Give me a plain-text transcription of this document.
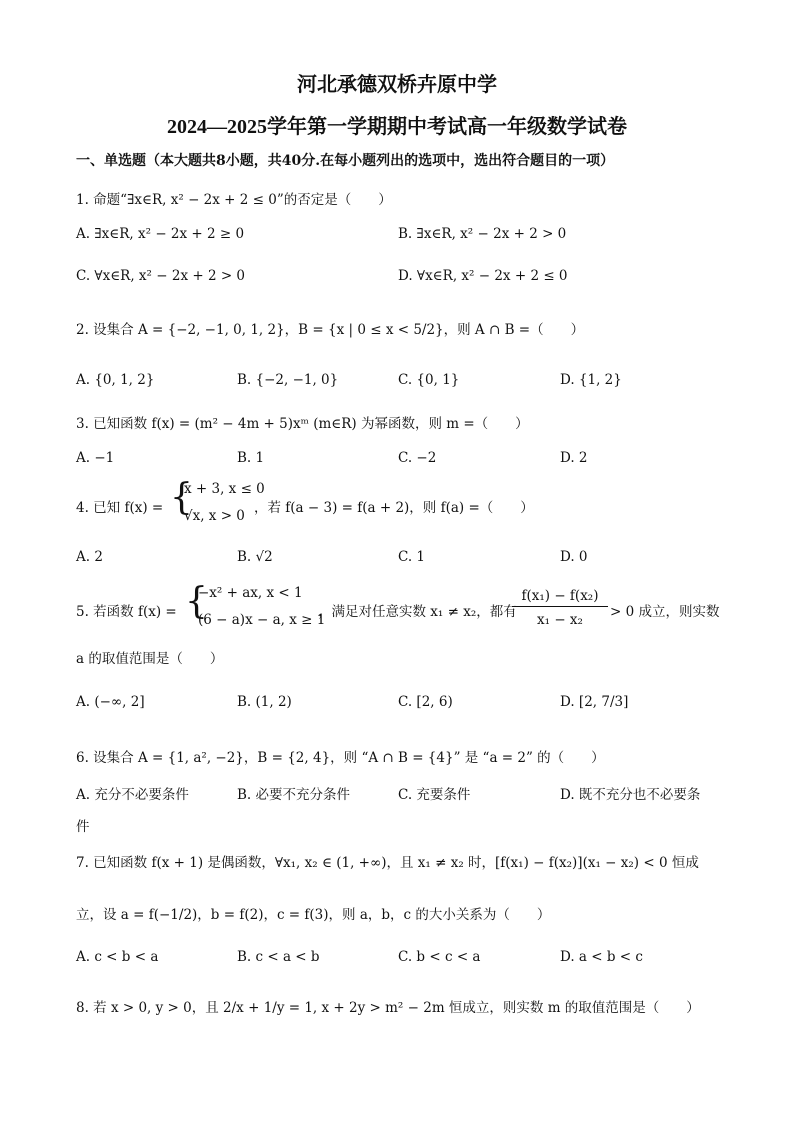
河北承德双桥卉原中学
2024—2025学年第一学期期中考试高一年级数学试卷
一、单选题（本大题共8小题，共40分.在每小题列出的选项中，选出符合题目的一项）
1. 命题“∃x∈R, x² − 2x + 2 ≤ 0”的否定是（　　）
A. ∃x∈R, x² − 2x + 2 ≥ 0	B. ∃x∈R, x² − 2x + 2 > 0
C. ∀x∈R, x² − 2x + 2 > 0	D. ∀x∈R, x² − 2x + 2 ≤ 0
2. 设集合 A = {−2, −1, 0, 1, 2}，B = {x | 0 ≤ x < 5/2}，则 A ∩ B =（　　）
A. {0, 1, 2}	B. {−2, −1, 0}	C. {0, 1}	D. {1, 2}
3. 已知函数 f(x) = (m² − 4m + 5)xᵐ (m∈R) 为幂函数，则 m =（　　）
A. −1	B. 1	C. −2	D. 2
4. 已知 f(x) = {
x + 3, x ≤ 0
√x, x > 0 ，若 f(a − 3) = f(a + 2)，则 f(a) =（　　）
A. 2	B. √2	C. 1	D. 0
5. 若函数 f(x) = {
−x² + ax, x < 1
(6 − a)x − a, x ≥ 1
，满足对任意实数 x₁ ≠ x₂，都有
f(x₁) − f(x₂)
x₁ − x₂	> 0 成立，则实数
a 的取值范围是（　　）
A. (−∞, 2]	B. (1, 2)	C. [2, 6)	D. [2, 7/3]
6. 设集合 A = {1, a², −2}，B = {2, 4}，则 “A ∩ B = {4}” 是 “a = 2” 的（　　）
A. 充分不必要条件	B. 必要不充分条件	C. 充要条件	D. 既不充分也不必要条
件
7. 已知函数 f(x + 1) 是偶函数，∀x₁, x₂ ∈ (1, +∞)，且 x₁ ≠ x₂ 时，[f(x₁) − f(x₂)](x₁ − x₂) < 0 恒成
立，设 a = f(−1/2)，b = f(2)，c = f(3)，则 a，b，c 的大小关系为（　　）
A. c < b < a	B. c < a < b	C. b < c < a	D. a < b < c
8. 若 x > 0, y > 0，且 2/x + 1/y = 1, x + 2y > m² − 2m 恒成立，则实数 m 的取值范围是（　　）
